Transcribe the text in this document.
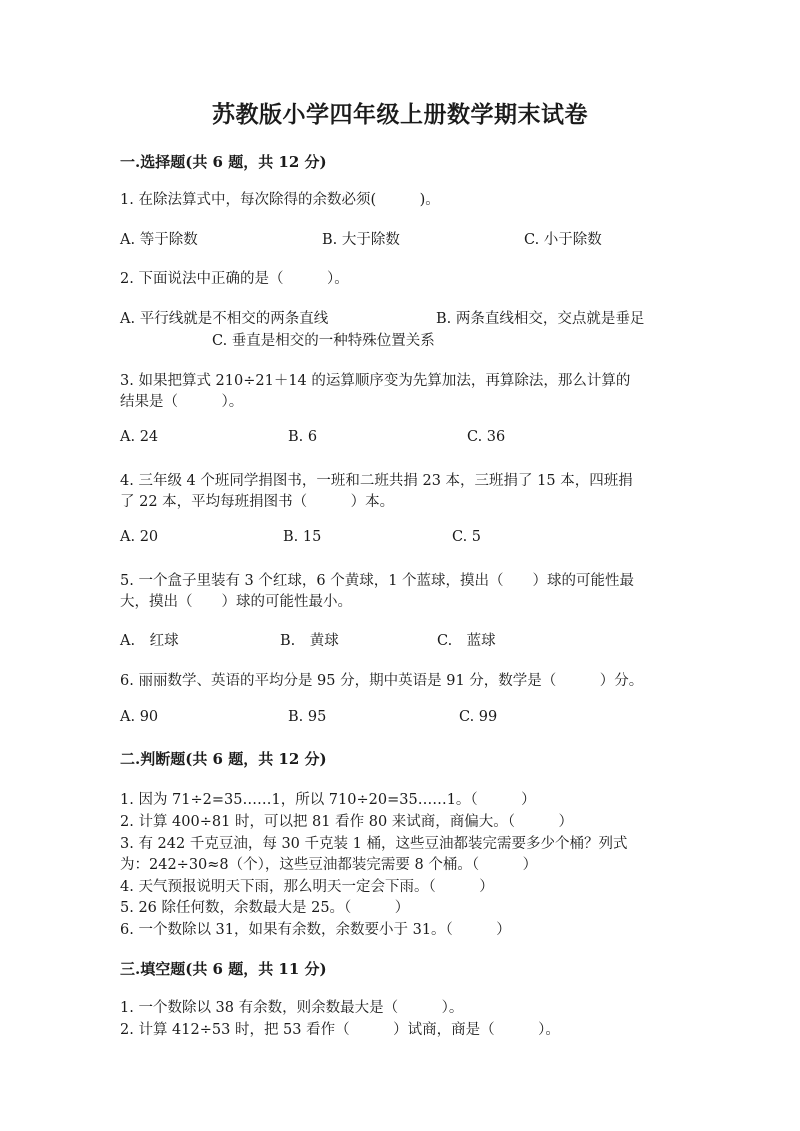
苏教版小学四年级上册数学期末试卷
一.选择题(共 6 题，共 12 分)
1. 在除法算式中，每次除得的余数必须(　　　)。
A. 等于除数	B. 大于除数	C. 小于除数
2. 下面说法中正确的是（　　　）。
A. 平行线就是不相交的两条直线	B. 两条直线相交，交点就是垂足
C. 垂直是相交的一种特殊位置关系
3. 如果把算式 210÷21＋14 的运算顺序变为先算加法，再算除法，那么计算的
结果是（　　　）。
A. 24	B. 6	C. 36
4. 三年级 4 个班同学捐图书，一班和二班共捐 23 本，三班捐了 15 本，四班捐
了 22 本，平均每班捐图书（　　　）本。
A. 20	B. 15	C. 5
5. 一个盒子里装有 3 个红球，6 个黄球，1 个蓝球，摸出（　　）球的可能性最
大，摸出（　　）球的可能性最小。
A.　红球	B.　黄球	C.　蓝球
6. 丽丽数学、英语的平均分是 95 分，期中英语是 91 分，数学是（　　　）分。
A. 90	B. 95	C. 99
二.判断题(共 6 题，共 12 分)
1. 因为 71÷2=35……1，所以 710÷20=35……1。（　　　）
2. 计算 400÷81 时，可以把 81 看作 80 来试商，商偏大。（　　　）
3. 有 242 千克豆油，每 30 千克装 1 桶，这些豆油都装完需要多少个桶？列式
为：242÷30≈8（个），这些豆油都装完需要 8 个桶。（　　　）
4. 天气预报说明天下雨，那么明天一定会下雨。（　　　）
5. 26 除任何数，余数最大是 25。（　　　）
6. 一个数除以 31，如果有余数，余数要小于 31。（　　　）
三.填空题(共 6 题，共 11 分)
1. 一个数除以 38 有余数，则余数最大是（　　　）。
2. 计算 412÷53 时，把 53 看作（　　　）试商，商是（　　　）。
